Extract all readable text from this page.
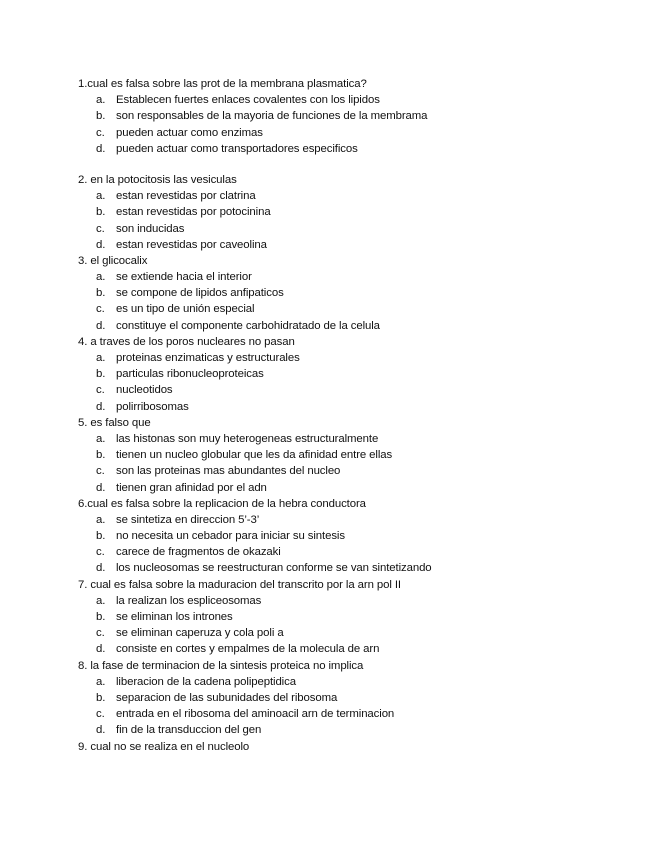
1.cual es falsa sobre las prot de la membrana plasmatica?
a. Establecen fuertes enlaces covalentes con los lipidos
b. son responsables de la mayoria de funciones de la membrama
c. pueden actuar como enzimas
d. pueden actuar como transportadores especificos
2. en la potocitosis las vesiculas
a. estan revestidas por clatrina
b. estan revestidas por potocinina
c. son inducidas
d. estan revestidas por caveolina
3. el glicocalix
a. se extiende hacia el interior
b. se compone de lipidos anfipaticos
c. es un tipo de unión especial
d. constituye el componente carbohidratado de la celula
4. a traves de los poros nucleares no pasan
a. proteinas enzimaticas y estructurales
b. particulas ribonucleoproteicas
c. nucleotidos
d. polirribosomas
5. es falso que
a. las histonas son muy heterogeneas estructuralmente
b. tienen un nucleo globular que les da afinidad entre ellas
c. son las proteinas mas abundantes del nucleo
d. tienen gran afinidad por el adn
6.cual es falsa sobre la replicacion de la hebra conductora
a. se sintetiza en direccion 5’-3’
b. no necesita un cebador para iniciar su sintesis
c. carece de fragmentos de okazaki
d. los nucleosomas se reestructuran conforme se van sintetizando
7. cual es falsa sobre la maduracion del transcrito por la arn pol II
a. la realizan los espliceosomas
b. se eliminan los intrones
c. se eliminan caperuza y cola poli a
d. consiste en cortes y empalmes de la molecula de arn
8. la fase de terminacion de la sintesis proteica no implica
a. liberacion de la cadena polipeptidica
b. separacion de las subunidades del ribosoma
c. entrada en el ribosoma del aminoacil arn de terminacion
d. fin de la transduccion del gen
9. cual no se realiza en el nucleolo
